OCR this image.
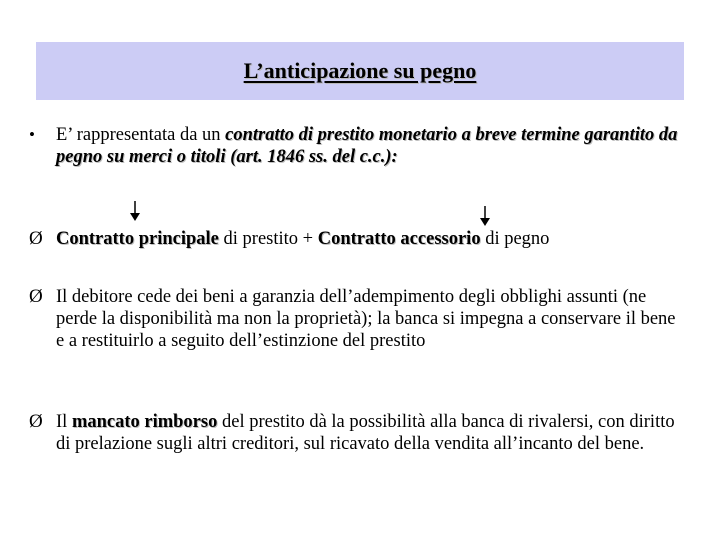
L’anticipazione su pegno
• E’ rappresentata da un contratto di prestito monetario a breve termine garantito da pegno su merci o titoli (art. 1846 ss. del c.c.):
Ø Contratto principale di prestito + Contratto accessorio di pegno
Ø Il debitore cede dei beni a garanzia dell’adempimento degli obblighi assunti (ne perde la disponibilità ma non la proprietà); la banca si impegna a conservare il bene e a restituirlo a seguito dell’estinzione del prestito
Ø Il mancato rimborso del prestito dà la possibilità alla banca di rivalersi, con diritto di prelazione sugli altri creditori, sul ricavato della vendita all’incanto del bene.
